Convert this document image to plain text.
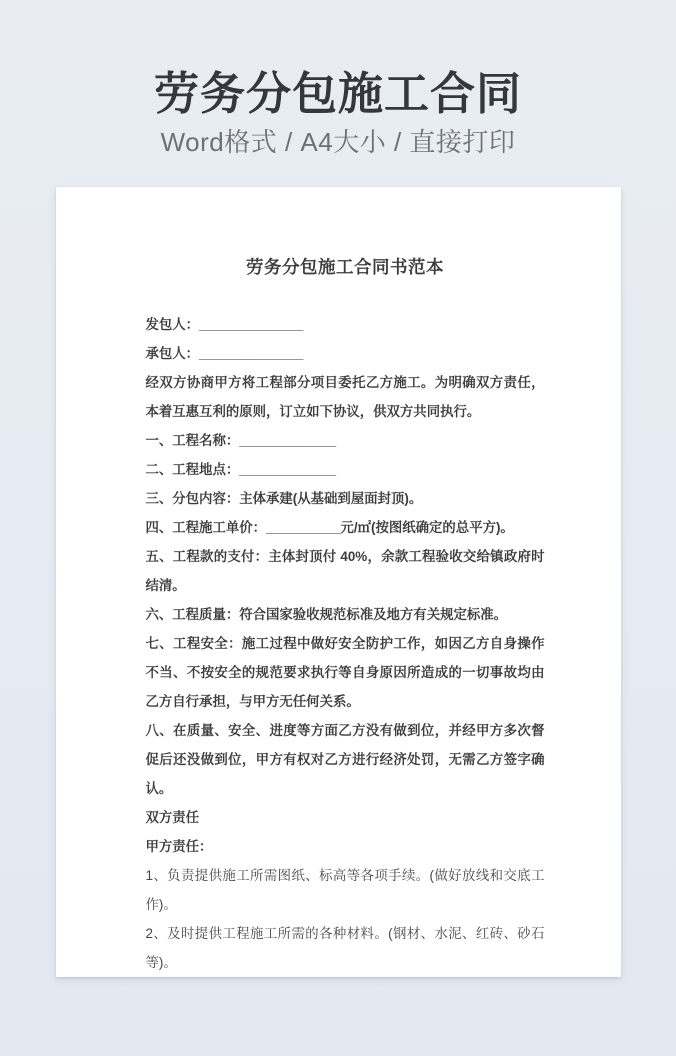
劳务分包施工合同

Word格式 / A4大小 / 直接打印

劳务分包施工合同书范本

发包人：______________

承包人：______________

经双方协商甲方将工程部分项目委托乙方施工。为明确双方责任，本着互惠互利的原则，订立如下协议，供双方共同执行。

一、工程名称：_____________

二、工程地点：_____________

三、分包内容：主体承建(从基础到屋面封顶)。

四、工程施工单价：__________元/㎡(按图纸确定的总平方)。

五、工程款的支付：主体封顶付 40%，余款工程验收交给镇政府时结清。

六、工程质量：符合国家验收规范标准及地方有关规定标准。

七、工程安全：施工过程中做好安全防护工作，如因乙方自身操作不当、不按安全的规范要求执行等自身原因所造成的一切事故均由乙方自行承担，与甲方无任何关系。

八、在质量、安全、进度等方面乙方没有做到位，并经甲方多次督促后还没做到位，甲方有权对乙方进行经济处罚，无需乙方签字确认。

双方责任

甲方责任：

1、负责提供施工所需图纸、标高等各项手续。(做好放线和交底工作)。

2、及时提供工程施工所需的各种材料。(钢材、水泥、红砖、砂石等)。
